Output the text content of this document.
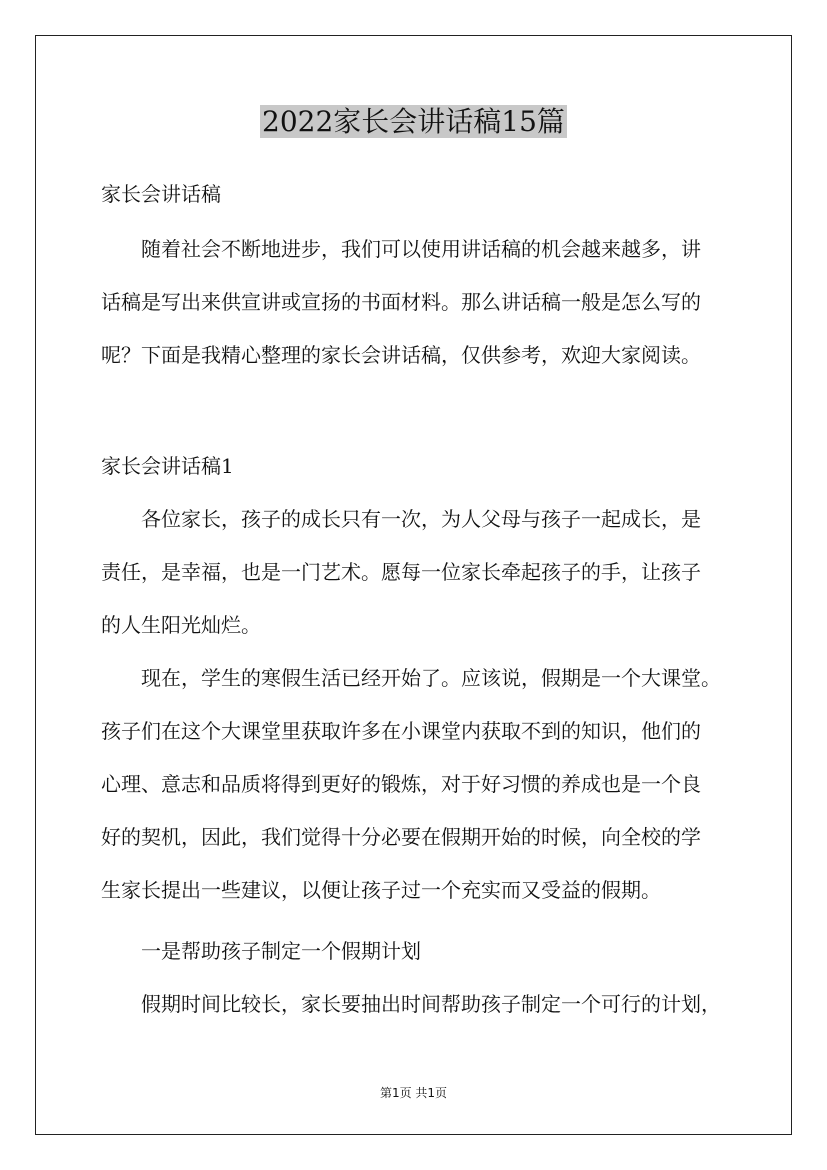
2022家长会讲话稿15篇

家长会讲话稿

随着社会不断地进步，我们可以使用讲话稿的机会越来越多，讲

话稿是写出来供宣讲或宣扬的书面材料。那么讲话稿一般是怎么写的

呢？下面是我精心整理的家长会讲话稿，仅供参考，欢迎大家阅读。

家长会讲话稿1

各位家长，孩子的成长只有一次，为人父母与孩子一起成长，是

责任，是幸福，也是一门艺术。愿每一位家长牵起孩子的手，让孩子

的人生阳光灿烂。

现在，学生的寒假生活已经开始了。应该说，假期是一个大课堂。

孩子们在这个大课堂里获取许多在小课堂内获取不到的知识，他们的

心理、意志和品质将得到更好的锻炼，对于好习惯的养成也是一个良

好的契机，因此，我们觉得十分必要在假期开始的时候，向全校的学

生家长提出一些建议，以便让孩子过一个充实而又受益的假期。

一是帮助孩子制定一个假期计划

假期时间比较长，家长要抽出时间帮助孩子制定一个可行的计划，

第1页 共1页
